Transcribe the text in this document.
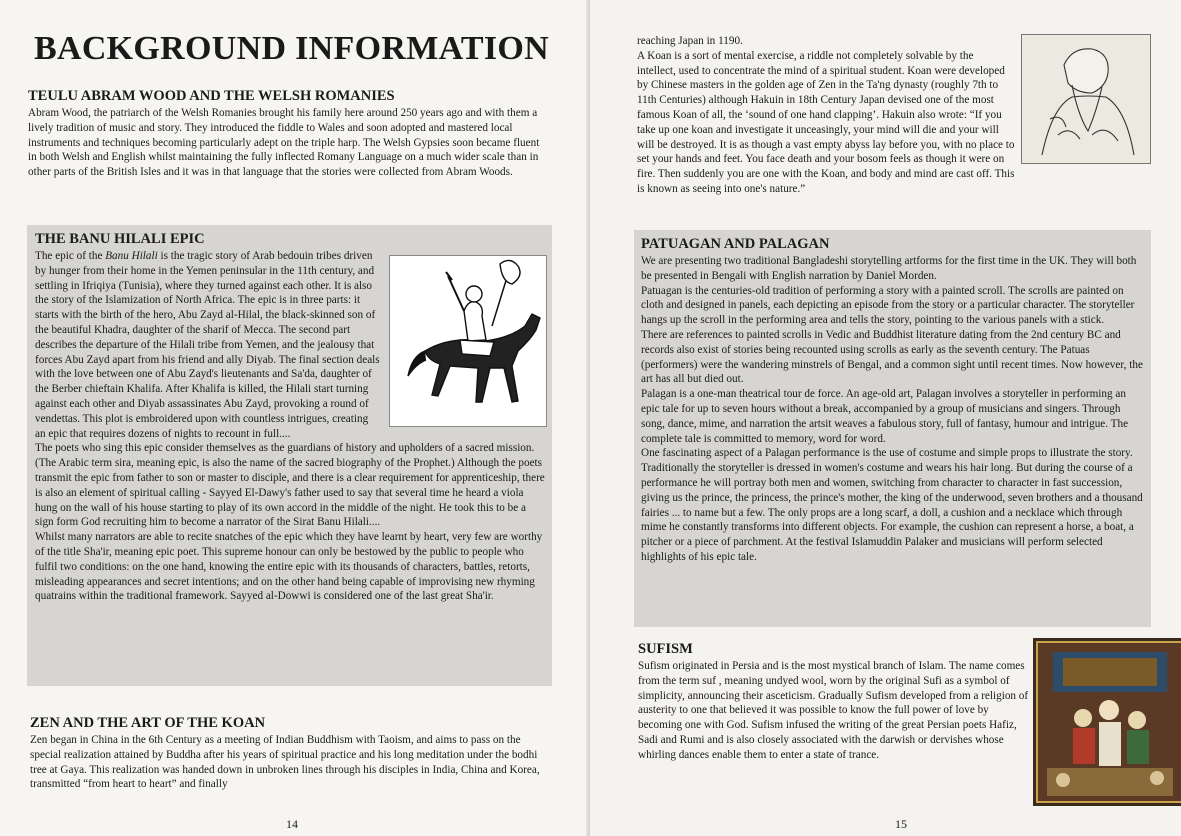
BACKGROUND INFORMATION
TEULU ABRAM WOOD AND THE WELSH ROMANIES
Abram Wood, the patriarch of the Welsh Romanies brought his family here around 250 years ago and with them a lively tradition of music and story. They introduced the fiddle to Wales and soon adopted and mastered local instruments and techniques becoming particularly adept on the triple harp. The Welsh Gypsies soon became fluent in both Welsh and English whilst maintaining the fully inflected Romany Language on a much wider scale than in other parts of the British Isles and it was in that language that the stories were collected from Abram Woods.
THE BANU HILALI EPIC

The epic of the Banu Hilali is the tragic story of Arab bedouin tribes driven by hunger from their home in the Yemen peninsular in the 11th century, and settling in Ifriqiya (Tunisia), where they turned against each other. It is also the story of the Islamization of North Africa. The epic is in three parts: it starts with the birth of the hero, Abu Zayd al-Hilal, the black-skinned son of the beautiful Khadra, daughter of the sharif of Mecca. The second part describes the departure of the Hilali tribe from Yemen, and the jealousy that forces Abu Zayd apart from his friend and ally Diyab. The final section deals with the love between one of Abu Zayd's lieutenants and Sa'da, daughter of the Berber chieftain Khalifa. After Khalifa is killed, the Hilali start turning against each other and Diyab assassinates Abu Zayd, provoking a round of vendettas. This plot is embroidered upon with countless intrigues, creating an epic that requires dozens of nights to recount in full....

The poets who sing this epic consider themselves as the guardians of history and upholders of a sacred mission. (The Arabic term sira, meaning epic, is also the name of the sacred biography of the Prophet.) Although the poets transmit the epic from father to son or master to disciple, and there is a clear requirement for apprenticeship, there is also an element of spiritual calling - Sayyed El-Dawy's father used to say that several time he heard a viola hung on the wall of his house starting to play of its own accord in the middle of the night. He took this to be a sign form God recruiting him to become a narrator of the Sirat Banu Hilali....

Whilst many narrators are able to recite snatches of the epic which they have learnt by heart, very few are worthy of the title Sha'ir, meaning epic poet. This supreme honour can only be bestowed by the public to people who fulfil two conditions: on the one hand, knowing the entire epic with its thousands of characters, battles, retorts, misleading appearances and secret intentions; and on the other hand being capable of improvising new rhyming quatrains within the traditional framework. Sayyed al-Dowwi is considered one of the last great Sha'ir.

ZEN AND THE ART OF THE KOAN
Zen began in China in the 6th Century as a meeting of Indian Buddhism with Taoism, and aims to pass on the special realization attained by Buddha after his years of spiritual practice and his long meditation under the bodhi tree at Gaya. This realization was handed down in unbroken lines through his disciples in India, China and Korea, transmitted “from heart to heart” and finally
14
reaching Japan in 1190.
A Koan is a sort of mental exercise, a riddle not completely solvable by the intellect, used to concentrate the mind of a spiritual student. Koan were developed by Chinese masters in the golden age of Zen in the Ta'ng dynasty (roughly 7th to 11th Centuries) although Hakuin in 18th Century Japan devised one of the most famous Koan of all, the ‘sound of one hand clapping’. Hakuin also wrote: “If you take up one koan and investigate it unceasingly, your mind will die and your will will be destroyed. It is as though a vast empty abyss lay before you, with no place to set your hands and feet. You face death and your bosom feels as though it were on fire. Then suddenly you are one with the Koan, and body and mind are cast off. This is known as seeing into one's nature.”
PATUAGAN AND PALAGAN

We are presenting two traditional Bangladeshi storytelling artforms for the first time in the UK. They will both be presented in Bengali with English narration by Daniel Morden.

Patuagan is the centuries-old tradition of performing a story with a painted scroll. The scrolls are painted on cloth and designed in panels, each depicting an episode from the story or a particular character. The storyteller hangs up the scroll in the performing area and tells the story, pointing to the various panels with a stick.

There are references to painted scrolls in Vedic and Buddhist literature dating from the 2nd century BC and records also exist of stories being recounted using scrolls as early as the seventh century. The Patuas (performers) were the wandering minstrels of Bengal, and a common sight until recent times. Now however, the art has all but died out.

Palagan is a one-man theatrical tour de force. An age-old art, Palagan involves a storyteller in performing an epic tale for up to seven hours without a break, accompanied by a group of musicians and singers. Through song, dance, mime, and narration the artsit weaves a fabulous story, full of fantasy, humour and intrigue. The complete tale is committed to memory, word for word.

One fascinating aspect of a Palagan performance is the use of costume and simple props to illustrate the story. Traditionally the storyteller is dressed in women's costume and wears his hair long. But during the course of a performance he will portray both men and women, switching from character to character in fast succession, giving us the prince, the princess, the prince's mother, the king of the underwood, seven brothers and a thousand fairies ... to name but a few. The only props are a long scarf, a doll, a cushion and a necklace which through mime he constantly transforms into different objects. For example, the cushion can represent a horse, a boat, a pitcher or a piece of parchment. At the festival Islamuddin Palaker and musicians will perform selected highlights of his epic tale.

SUFISM
Sufism originated in Persia and is the most mystical branch of Islam. The name comes from the term suf , meaning undyed wool, worn by the original Sufi as a symbol of simplicity, announcing their asceticism. Gradually Sufism developed from a religion of austerity to one that believed it was possible to know the full power of love by becoming one with God. Sufism infused the writing of the great Persian poets Hafiz, Sadi and Rumi and is also closely associated with the darwish or dervishes whose whirling dances enable them to enter a state of trance.
15
